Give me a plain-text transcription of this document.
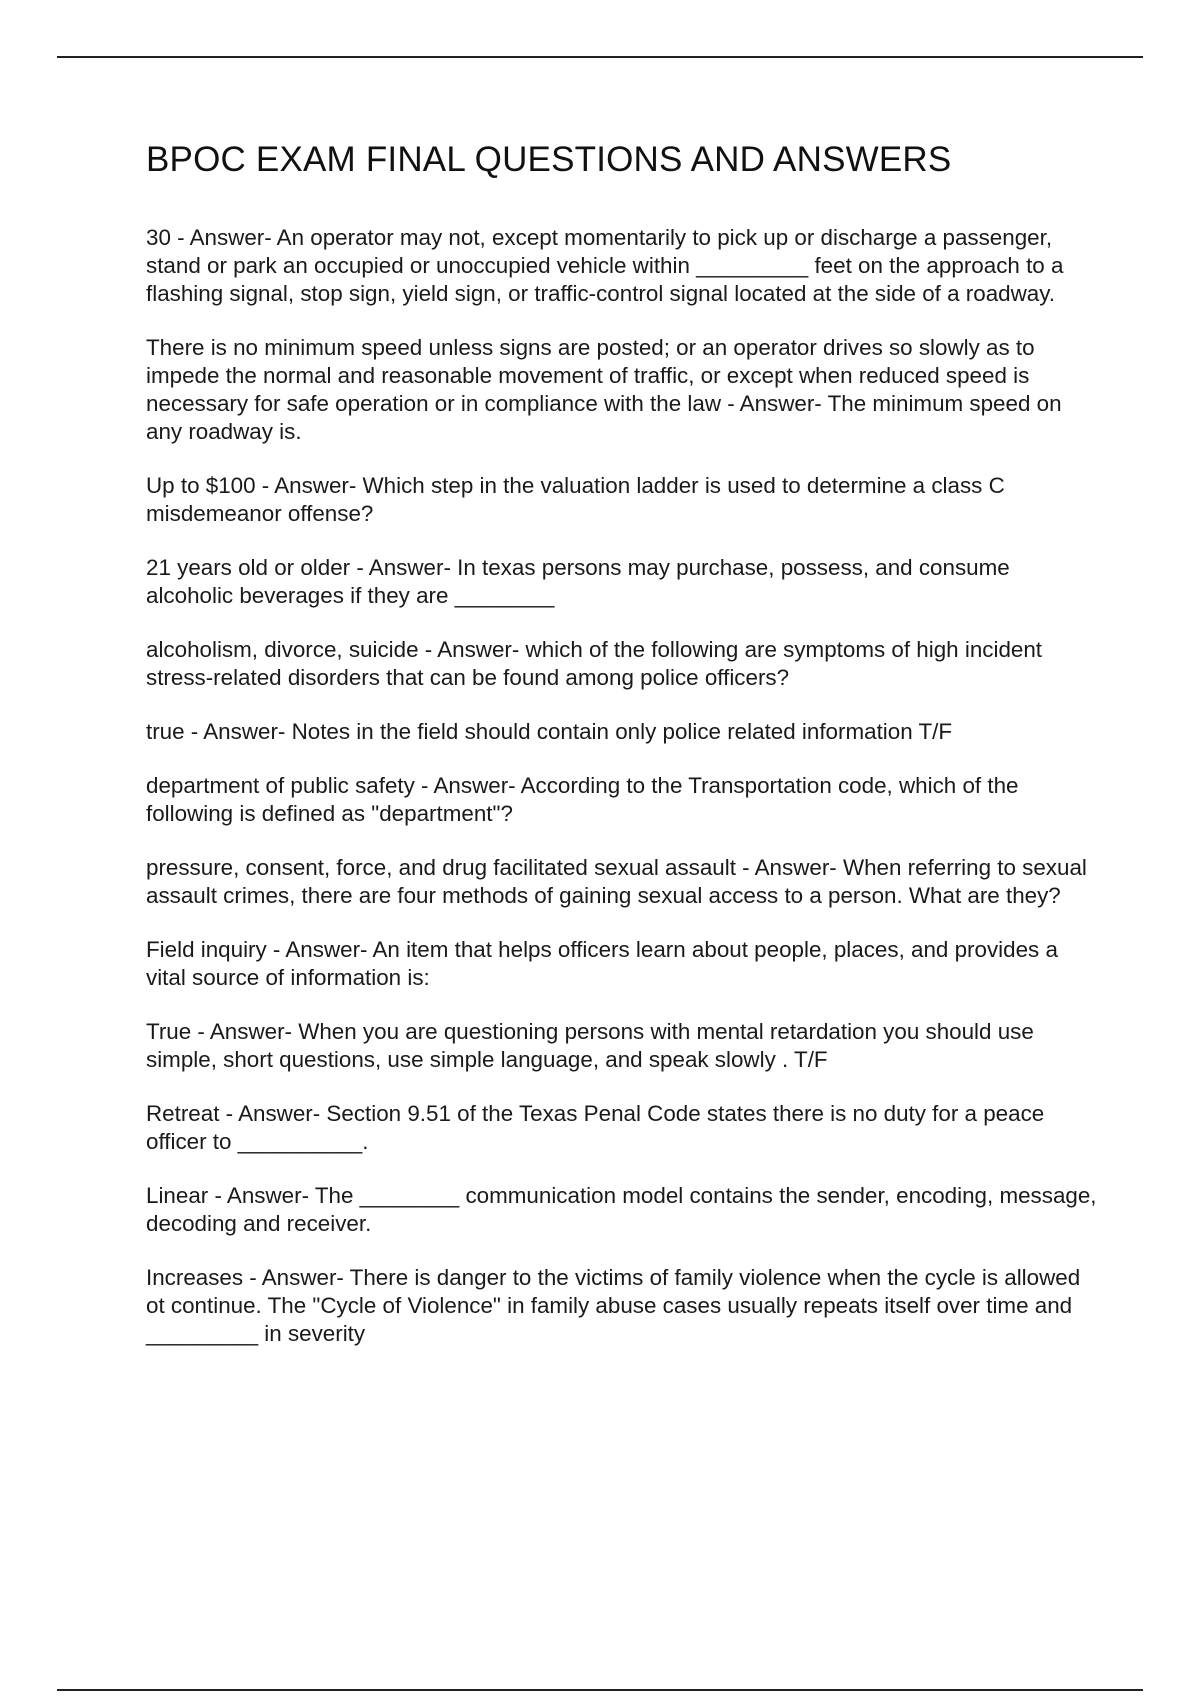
BPOC EXAM FINAL QUESTIONS AND ANSWERS

30 - Answer- An operator may not, except momentarily to pick up or discharge a passenger, stand or park an occupied or unoccupied vehicle within _________ feet on the approach to a flashing signal, stop sign, yield sign, or traffic-control signal located at the side of a roadway.

There is no minimum speed unless signs are posted; or an operator drives so slowly as to impede the normal and reasonable movement of traffic, or except when reduced speed is necessary for safe operation or in compliance with the law - Answer- The minimum speed on any roadway is.

Up to $100 - Answer- Which step in the valuation ladder is used to determine a class C misdemeanor offense?

21 years old or older - Answer- In texas persons may purchase, possess, and consume alcoholic beverages if they are ________

alcoholism, divorce, suicide - Answer- which of the following are symptoms of high incident stress-related disorders that can be found among police officers?

true - Answer- Notes in the field should contain only police related information T/F

department of public safety - Answer- According to the Transportation code, which of the following is defined as "department"?

pressure, consent, force, and drug facilitated sexual assault - Answer- When referring to sexual assault crimes, there are four methods of gaining sexual access to a person. What are they?

Field inquiry - Answer- An item that helps officers learn about people, places, and provides a vital source of information is:

True - Answer- When you are questioning persons with mental retardation you should use simple, short questions, use simple language, and speak slowly . T/F

Retreat - Answer- Section 9.51 of the Texas Penal Code states there is no duty for a peace officer to __________.

Linear - Answer- The ________ communication model contains the sender, encoding, message, decoding and receiver.

Increases - Answer- There is danger to the victims of family violence when the cycle is allowed ot continue. The "Cycle of Violence" in family abuse cases usually repeats itself over time and _________ in severity
